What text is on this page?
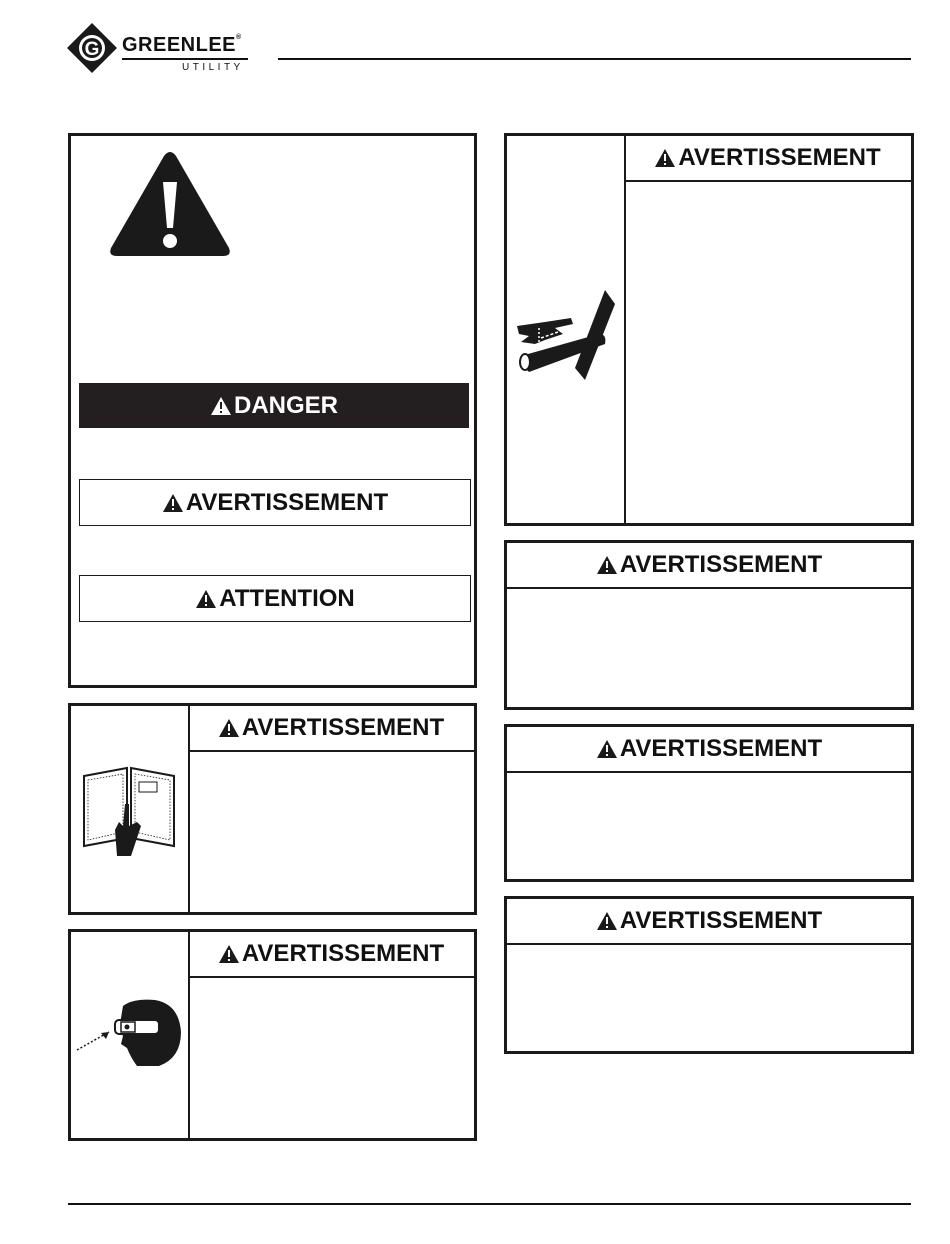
G GREENLEE®
UTILITY
DANGER
AVERTISSEMENT
ATTENTION
AVERTISSEMENT
AVERTISSEMENT
AVERTISSEMENT
AVERTISSEMENT
AVERTISSEMENT
AVERTISSEMENT
